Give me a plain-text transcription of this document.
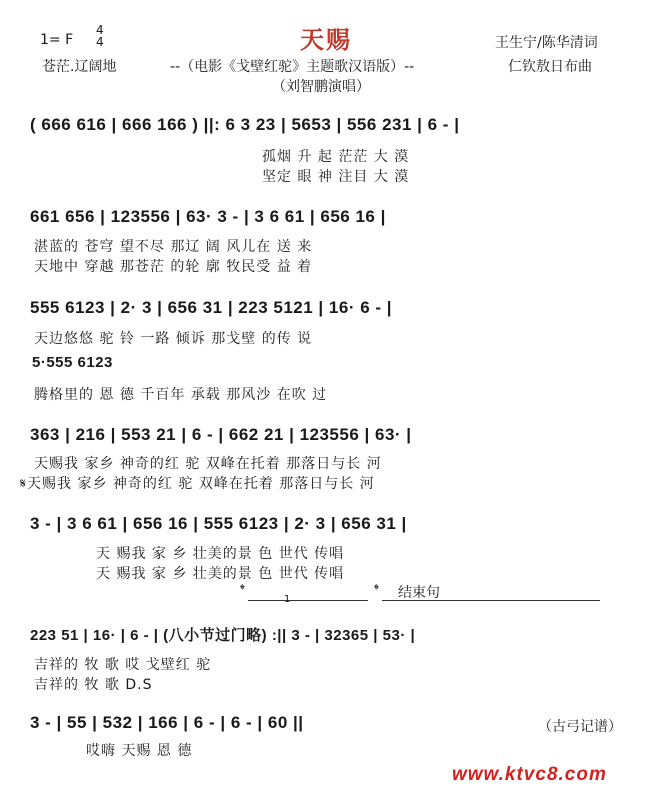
1= F
4
4	天赐	王生宁/陈华清词
苍茫.辽阔地	--（电影《戈壁红驼》主题歌汉语版）--	仁钦敖日布曲
（刘智鹏演唱）
( 666 616 | 666 166 ) ||: 6 3 23 | 5653 | 556 231 | 6 - |
孤烟 升 起 茫茫 大 漠
坚定 眼 神 注目 大 漠
661 656 | 123556 | 63· 3 - | 3 6 61 | 656 16 |
湛蓝的 苍穹 望不尽 那辽 阔 风儿在 送 来
天地中 穿越 那苍茫 的轮 廓 牧民受 益 着
555 6123 | 2· 3 | 656 31 | 223 5121 | 16· 6 - |
天边悠悠 驼 铃 一路 倾诉 那戈壁 的传 说
5·555 6123
腾格里的 恩 德 千百年 承载 那风沙 在吹 过
363 | 216 | 553 21 | 6 - | 662 21 | 123556 | 63· |
天赐我 家乡 神奇的红 驼 双峰在托着 那落日与长 河
𝄋天赐我 家乡 神奇的红 驼 双峰在托着 那落日与长 河
3 - | 3 6 61 | 656 16 | 555 6123 | 2· 3 | 656 31 |
天 赐我 家 乡 壮美的景 色 世代 传唱
天 赐我 家 乡 壮美的景 色 世代 传唱
𝄌
1
𝄌 结束句
223 51 | 16· | 6 - | (八小节过门略) :|| 3 - | 32365 | 53· |
吉祥的 牧 歌 哎 戈壁红 驼
吉祥的 牧 歌 D.S
3 - | 55 | 532 | 166 | 6 - | 6 - | 60 ||
哎嗨 天赐 恩 德
（古弓记谱）
www.ktvc8.com
